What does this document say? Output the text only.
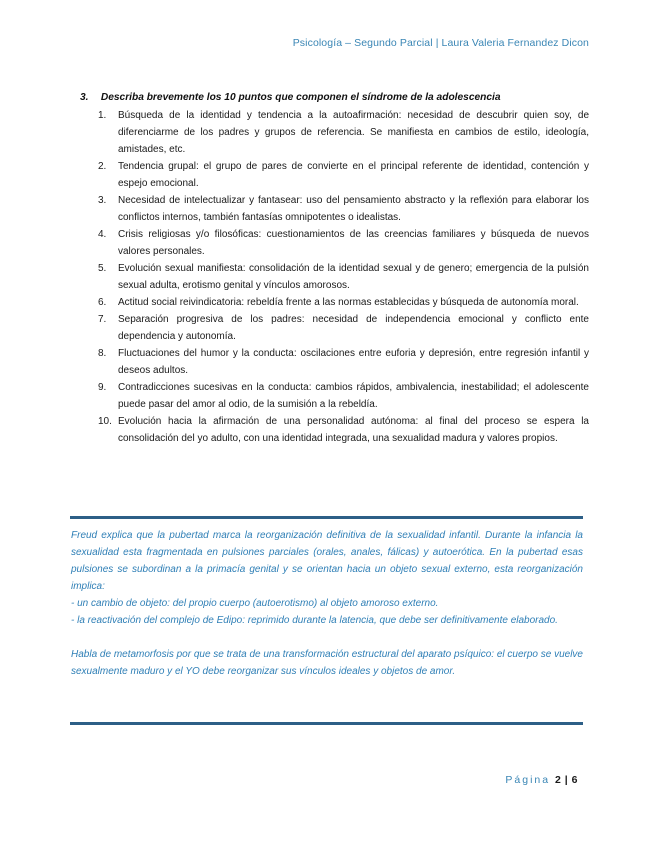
Psicología – Segundo Parcial | Laura Valeria Fernandez Dicon
3. Describa brevemente los 10 puntos que componen el síndrome de la adolescencia
1. Búsqueda de la identidad y tendencia a la autoafirmación: necesidad de descubrir quien soy, de diferenciarme de los padres y grupos de referencia. Se manifiesta en cambios de estilo, ideología, amistades, etc.
2. Tendencia grupal: el grupo de pares de convierte en el principal referente de identidad, contención y espejo emocional.
3. Necesidad de intelectualizar y fantasear: uso del pensamiento abstracto y la reflexión para elaborar los conflictos internos, también fantasías omnipotentes o idealistas.
4. Crisis religiosas y/o filosóficas: cuestionamientos de las creencias familiares y búsqueda de nuevos valores personales.
5. Evolución sexual manifiesta: consolidación de la identidad sexual y de genero; emergencia de la pulsión sexual adulta, erotismo genital y vínculos amorosos.
6. Actitud social reivindicatoria: rebeldía frente a las normas establecidas y búsqueda de autonomía moral.
7. Separación progresiva de los padres: necesidad de independencia emocional y conflicto ente dependencia y autonomía.
8. Fluctuaciones del humor y la conducta: oscilaciones entre euforia y depresión, entre regresión infantil y deseos adultos.
9. Contradicciones sucesivas en la conducta: cambios rápidos, ambivalencia, inestabilidad; el adolescente puede pasar del amor al odio, de la sumisión a la rebeldía.
10. Evolución hacia la afirmación de una personalidad autónoma: al final del proceso se espera la consolidación del yo adulto, con una identidad integrada, una sexualidad madura y valores propios.

Freud explica que la pubertad marca la reorganización definitiva de la sexualidad infantil. Durante la infancia la sexualidad esta fragmentada en pulsiones parciales (orales, anales, fálicas) y autoerótica. En la pubertad esas pulsiones se subordinan a la primacía genital y se orientan hacia un objeto sexual externo, esta reorganización implica:

- un cambio de objeto: del propio cuerpo (autoerotismo) al objeto amoroso externo.

- la reactivación del complejo de Edipo: reprimido durante la latencia, que debe ser definitivamente elaborado.

Habla de metamorfosis por que se trata de una transformación estructural del aparato psíquico: el cuerpo se vuelve sexualmente maduro y el YO debe reorganizar sus vínculos ideales y objetos de amor.

Página 2 | 6
